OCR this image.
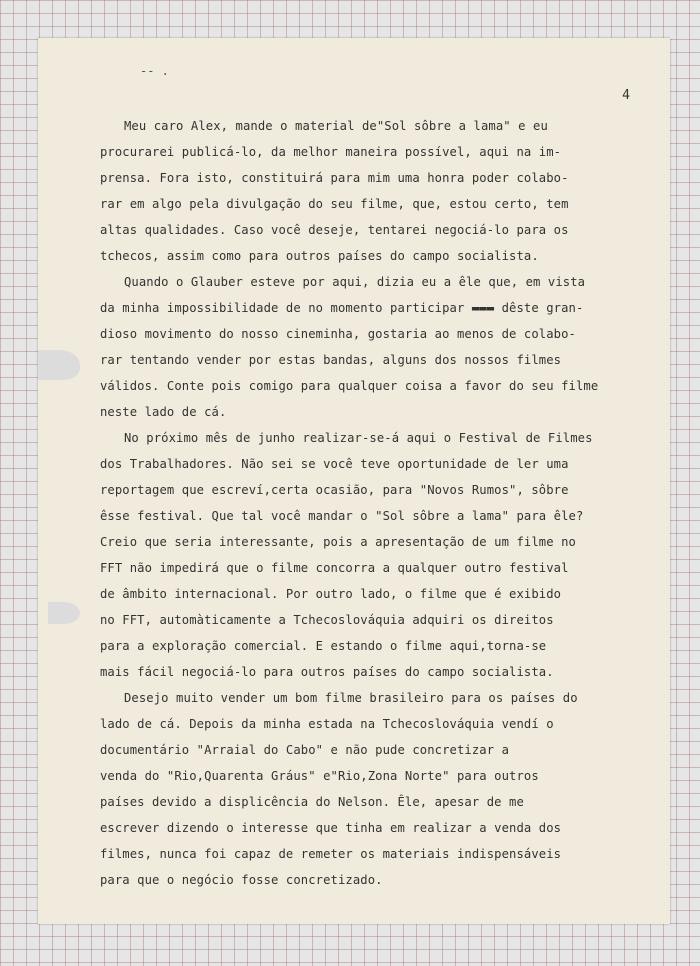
-- .
4
Meu caro Alex, mande o material de"Sol sôbre a lama" e eu
procurarei publicá-lo, da melhor maneira possível, aqui na im-
prensa. Fora isto, constituirá para mim uma honra poder colabo-
rar em algo pela divulgação do seu filme, que, estou certo, tem
altas qualidades. Caso você deseje, tentarei negociá-lo para os
tchecos, assim como para outros países do campo socialista.
Quando o Glauber esteve por aqui, dizia eu a êle que, em vista
da minha impossibilidade de no momento participar ▬▬▬ dêste gran-
dioso movimento do nosso cineminha, gostaria ao menos de colabo-
rar tentando vender por estas bandas, alguns dos nossos filmes
válidos. Conte pois comigo para qualquer coisa a favor do seu filme
neste lado de cá.
No próximo mês de junho realizar-se-á aqui o Festival de Filmes
dos Trabalhadores. Não sei se você teve oportunidade de ler uma
reportagem que escreví,certa ocasião, para "Novos Rumos", sôbre
êsse festival. Que tal você mandar o "Sol sôbre a lama" para êle?
Creio que seria interessante, pois a apresentação de um filme no
FFT não impedirá que o filme concorra a qualquer outro festival
de âmbito internacional. Por outro lado, o filme que é exibido
no FFT, automàticamente a Tchecoslováquia adquiri os direitos
para a exploração comercial. E estando o filme aqui,torna-se
mais fácil negociá-lo para outros países do campo socialista.
Desejo muito vender um bom filme brasileiro para os países do
lado de cá. Depois da minha estada na Tchecoslováquia vendí o
documentário "Arraial do Cabo" e não pude concretizar a
venda do "Rio,Quarenta Gráus" e"Rio,Zona Norte" para outros
países devido a displicência do Nelson. Êle, apesar de me
escrever dizendo o interesse que tinha em realizar a venda dos
filmes, nunca foi capaz de remeter os materiais indispensáveis
para que o negócio fosse concretizado.
